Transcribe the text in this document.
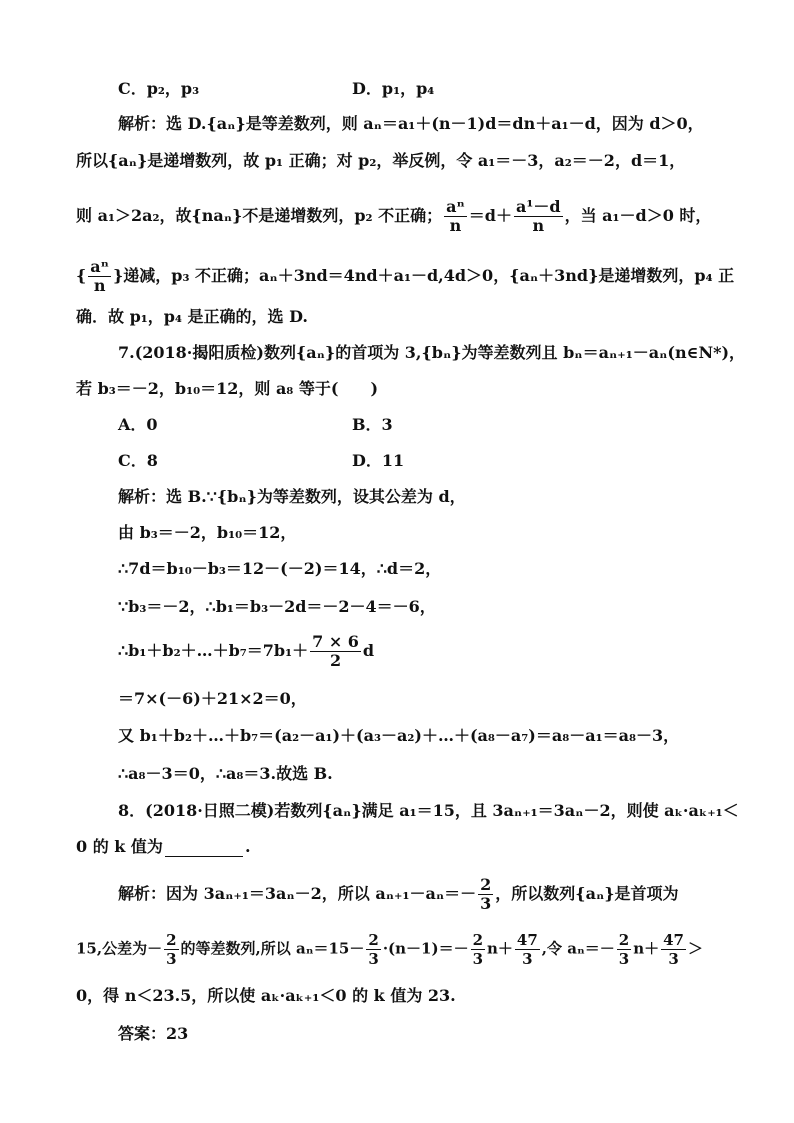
C．p₂，p₃	D．p₁，p₄
解析：选 D.{aₙ}是等差数列，则 aₙ＝a₁＋(n－1)d＝dn＋a₁－d，因为 d＞0，
所以{aₙ}是递增数列，故 p₁ 正确；对 p₂，举反例，令 a₁＝－3，a₂＝－2，d＝1，
则 a₁＞2a₂，故{naₙ}不是递增数列，p₂ 不正确； $\frac{\text{aⁿ}}{n} =d+ \frac{\text{a¹－d}}{n}$ ，当 a₁－d＞0 时，
{ $\frac{\text{aⁿ}}{n}$ }递减，p₃ 不正确；aₙ＋3nd＝4nd＋a₁－d,4d＞0，{aₙ＋3nd}是递增数列，p₄ 正
确．故 p₁，p₄ 是正确的，选 D.
7.(2018·揭阳质检)数列{aₙ}的首项为 3,{bₙ}为等差数列且 bₙ＝aₙ₊₁－aₙ(n∈N*)，
若 b₃＝－2，b₁₀＝12，则 a₈ 等于(　　)
A．0	B．3
C．8	D．11
解析：选 B.∵{bₙ}为等差数列，设其公差为 d，
由 b₃＝－2，b₁₀＝12，
∴7d＝b₁₀－b₃＝12－(－2)＝14，∴d＝2，
∵b₃＝－2，∴b₁＝b₃－2d＝－2－4＝－6，
∴b₁＋b₂＋…＋b₇＝7b₁＋ $\frac{7 \times 6}{2}$ d
＝7×(－6)＋21×2＝0，
又 b₁＋b₂＋…＋b₇＝(a₂－a₁)＋(a₃－a₂)＋…＋(a₈－a₇)＝a₈－a₁＝a₈－3，
∴a₈－3＝0，∴a₈＝3.故选 B.
8．(2018·日照二模)若数列{aₙ}满足 a₁＝15，且 3aₙ₊₁＝3aₙ－2，则使 aₖ·aₖ₊₁＜
0 的 k 值为	.
解析：因为 3aₙ₊₁＝3aₙ－2，所以 $a_{n+1}-a_n=- \frac{2}{3}$ ，所以数列{aₙ}是首项为
15,公差为－ $\frac{2}{3}$ 的等差数列,所以 $a_n=15- \frac{2}{3} \cdot(n-1)=- \frac{2}{3} n+ \frac{47}{3}$ ,令 $a_n=- \frac{2}{3} n+ \frac{47}{3}$ ＞
0，得 n＜23.5，所以使 aₖ·aₖ₊₁＜0 的 k 值为 23.
答案：23
